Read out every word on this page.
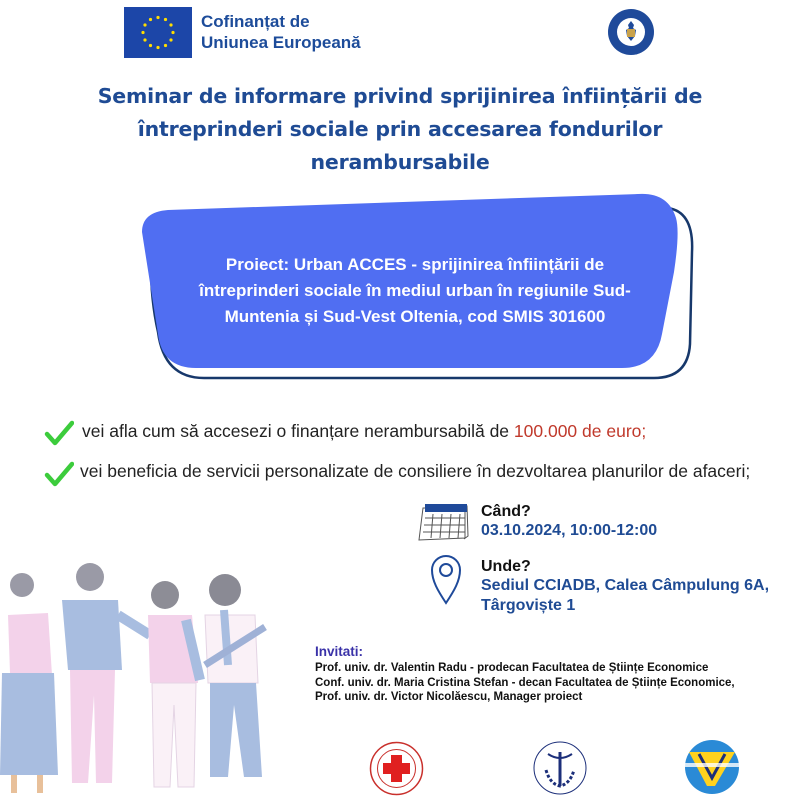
Cofinanțat de
Uniunea Europeană
Seminar de informare privind sprijinirea înființării de
întreprinderi sociale prin accesarea fondurilor
nerambursabile
Proiect: Urban ACCES - sprijinirea înființării de
întreprinderi sociale în mediul urban în regiunile Sud-
Muntenia și Sud-Vest Oltenia, cod SMIS 301600
vei afla cum să accesezi o finanțare nerambursabilă de 100.000 de euro;
vei beneficia de servicii personalizate de consiliere în dezvoltarea planurilor de afaceri;
Când?
03.10.2024, 10:00-12:00
Unde?
Sediul CCIADB, Calea Câmpulung 6A,
Târgoviște 1
Invitati:
Prof. univ. dr. Valentin Radu - prodecan Facultatea de Științe Economice
Conf. univ. dr. Maria Cristina Stefan - decan Facultatea de Științe Economice,
Prof. univ. dr. Victor Nicolăescu, Manager proiect
